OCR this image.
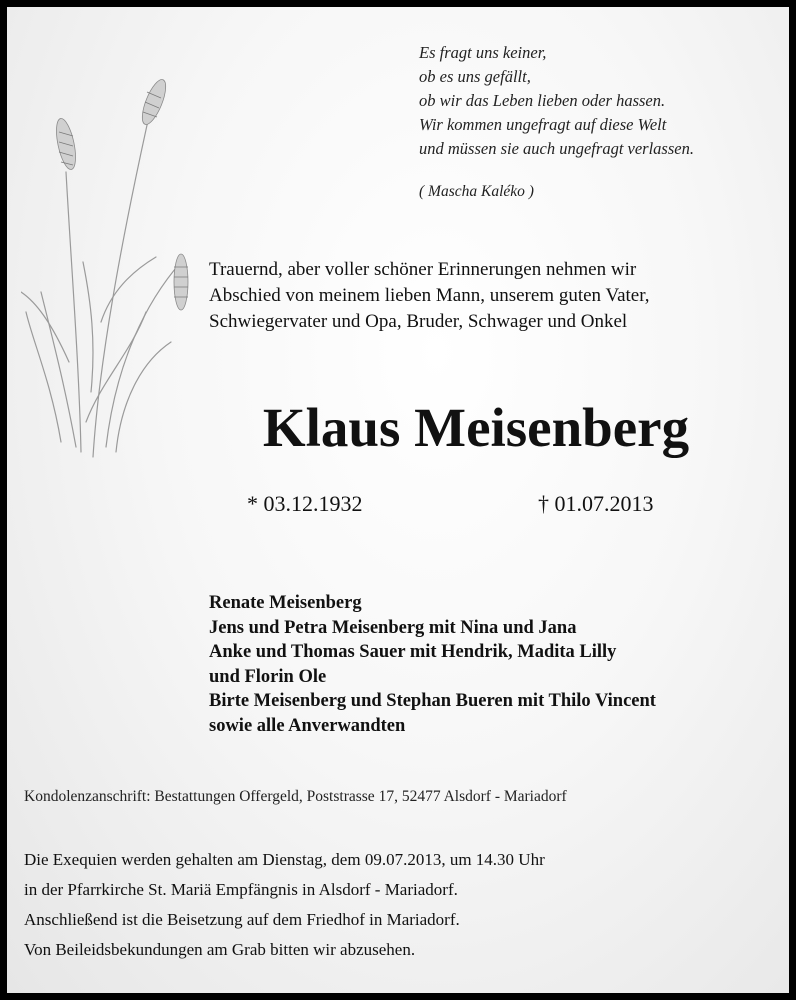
Es fragt uns keiner,
ob es uns gefällt,
ob wir das Leben lieben oder hassen.
Wir kommen ungefragt auf diese Welt
und müssen sie auch ungefragt verlassen.
( Mascha Kaléko )
Trauernd, aber voller schöner Erinnerungen nehmen wir
Abschied von meinem lieben Mann, unserem guten Vater,
Schwiegervater und Opa, Bruder, Schwager und Onkel
Klaus Meisenberg
* 03.12.1932	† 01.07.2013
Renate Meisenberg
Jens und Petra Meisenberg mit Nina und Jana
Anke und Thomas Sauer mit Hendrik, Madita Lilly
und Florin Ole
Birte Meisenberg und Stephan Bueren mit Thilo Vincent
sowie alle Anverwandten
Kondolenzanschrift: Bestattungen Offergeld, Poststrasse 17, 52477 Alsdorf - Mariadorf
Die Exequien werden gehalten am Dienstag, dem 09.07.2013, um 14.30 Uhr
in der Pfarrkirche St. Mariä Empfängnis in Alsdorf - Mariadorf.
Anschließend ist die Beisetzung auf dem Friedhof in Mariadorf.
Von Beileidsbekundungen am Grab bitten wir abzusehen.
